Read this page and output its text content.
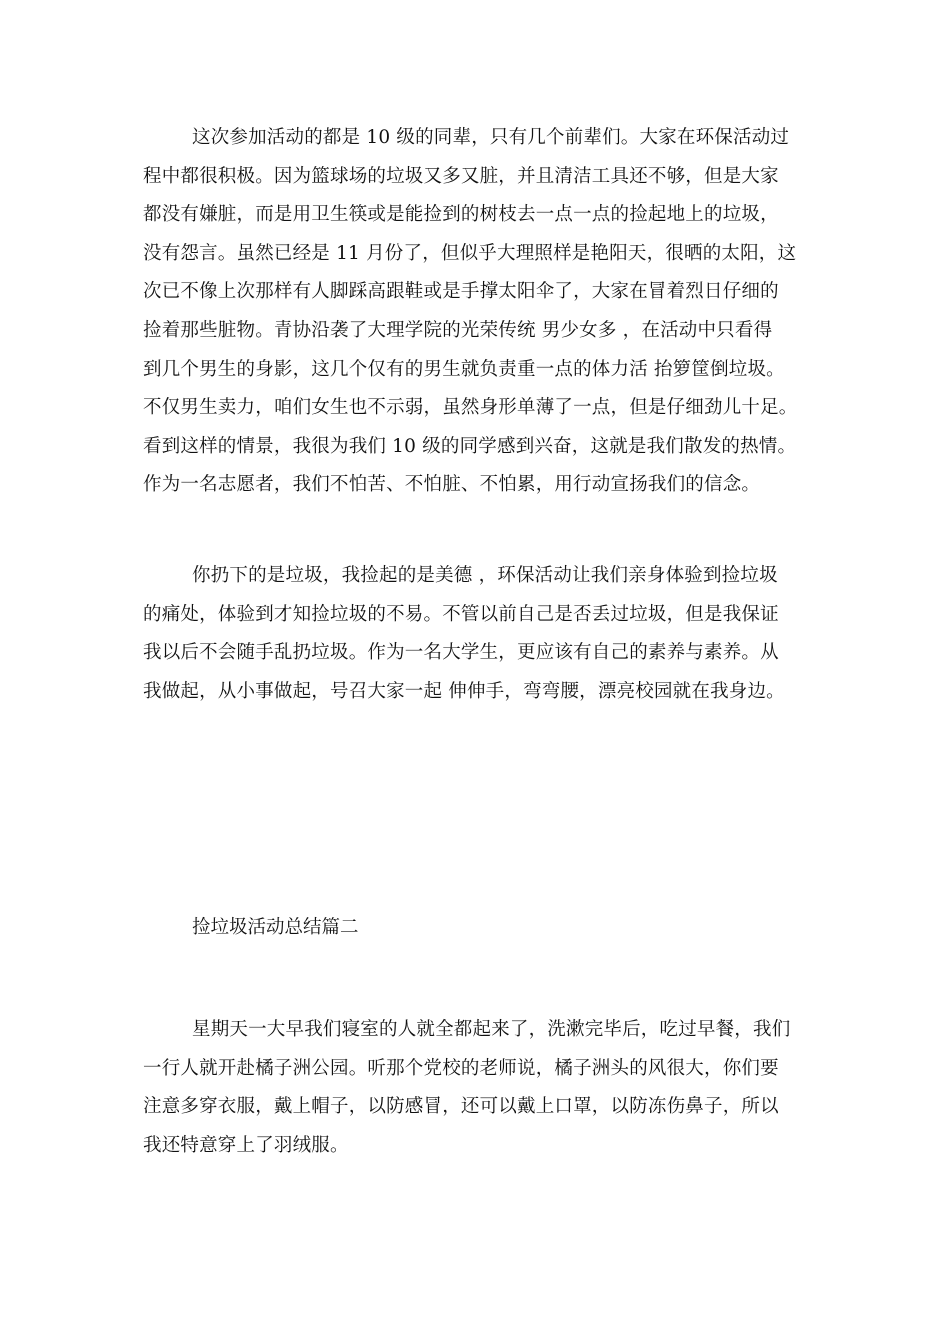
这次参加活动的都是 10 级的同辈，只有几个前辈们。大家在环保活动过
程中都很积极。因为篮球场的垃圾又多又脏，并且清洁工具还不够，但是大家
都没有嫌脏，而是用卫生筷或是能捡到的树枝去一点一点的捡起地上的垃圾，
没有怨言。虽然已经是 11 月份了，但似乎大理照样是艳阳天，很晒的太阳，这
次已不像上次那样有人脚踩高跟鞋或是手撑太阳伞了，大家在冒着烈日仔细的
捡着那些脏物。青协沿袭了大理学院的光荣传统 男少女多 ，在活动中只看得
到几个男生的身影，这几个仅有的男生就负责重一点的体力活 抬箩筐倒垃圾。
不仅男生卖力，咱们女生也不示弱，虽然身形单薄了一点，但是仔细劲儿十足。
看到这样的情景，我很为我们 10 级的同学感到兴奋，这就是我们散发的热情。
作为一名志愿者，我们不怕苦、不怕脏、不怕累，用行动宣扬我们的信念。
你扔下的是垃圾，我捡起的是美德 ，环保活动让我们亲身体验到捡垃圾
的痛处，体验到才知捡垃圾的不易。不管以前自己是否丢过垃圾，但是我保证
我以后不会随手乱扔垃圾。作为一名大学生，更应该有自己的素养与素养。从
我做起，从小事做起，号召大家一起 伸伸手，弯弯腰，漂亮校园就在我身边。
捡垃圾活动总结篇二
星期天一大早我们寝室的人就全都起来了，洗漱完毕后，吃过早餐，我们
一行人就开赴橘子洲公园。听那个党校的老师说，橘子洲头的风很大，你们要
注意多穿衣服，戴上帽子，以防感冒，还可以戴上口罩，以防冻伤鼻子，所以
我还特意穿上了羽绒服。
